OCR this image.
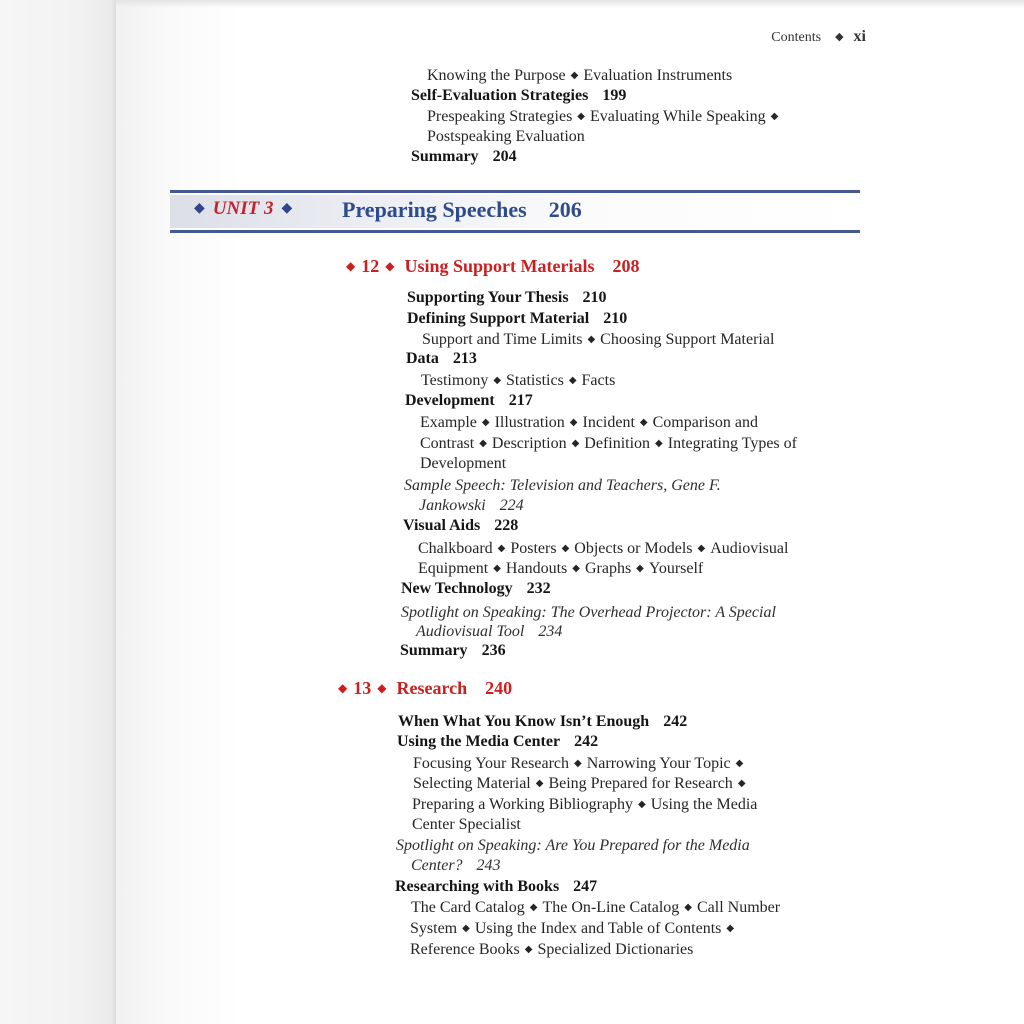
Contents ◆ xi
Knowing the Purpose ◆ Evaluation Instruments
Self-Evaluation Strategies 199
Prespeaking Strategies ◆ Evaluating While Speaking ◆
Postspeaking Evaluation
Summary 204
◆ UNIT 3 ◆	Preparing Speeches 206
◆ 12 ◆ Using Support Materials 208
Supporting Your Thesis 210
Defining Support Material 210
Support and Time Limits ◆ Choosing Support Material
Data 213
Testimony ◆ Statistics ◆ Facts
Development 217
Example ◆ Illustration ◆ Incident ◆ Comparison and
Contrast ◆ Description ◆ Definition ◆ Integrating Types of
Development
Sample Speech: Television and Teachers, Gene F.
Jankowski 224
Visual Aids 228
Chalkboard ◆ Posters ◆ Objects or Models ◆ Audiovisual
Equipment ◆ Handouts ◆ Graphs ◆ Yourself
New Technology 232
Spotlight on Speaking: The Overhead Projector: A Special
Audiovisual Tool 234
Summary 236
◆ 13 ◆ Research 240
When What You Know Isn’t Enough 242
Using the Media Center 242
Focusing Your Research ◆ Narrowing Your Topic ◆
Selecting Material ◆ Being Prepared for Research ◆
Preparing a Working Bibliography ◆ Using the Media
Center Specialist
Spotlight on Speaking: Are You Prepared for the Media
Center? 243
Researching with Books 247
The Card Catalog ◆ The On-Line Catalog ◆ Call Number
System ◆ Using the Index and Table of Contents ◆
Reference Books ◆ Specialized Dictionaries
